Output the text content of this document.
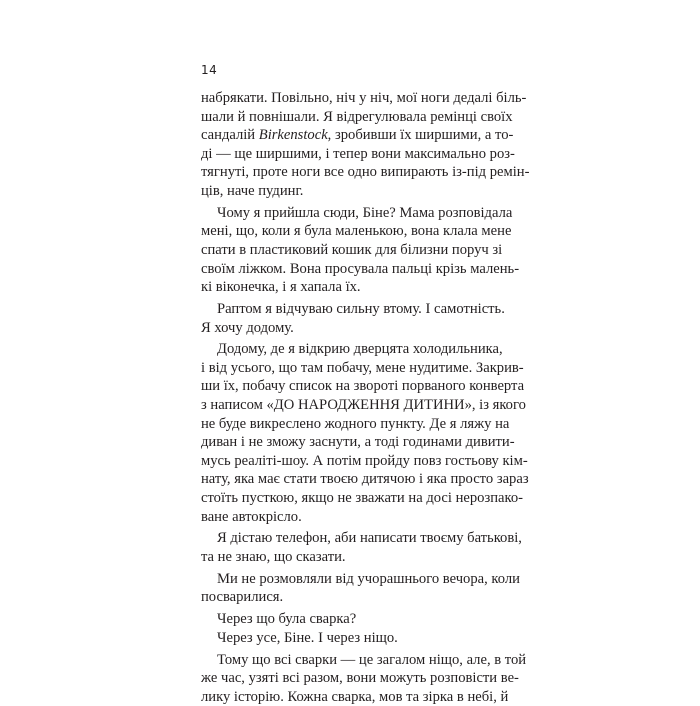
14
набрякати. Повільно, ніч у ніч, мої ноги дедалі біль-
шали й повнішали. Я відрегулювала ремінці своїх
сандалій Birkenstock, зробивши їх ширшими, а то-
ді — ще ширшими, і тепер вони максимально роз-
тягнуті, проте ноги все одно випирають із-під ремін-
ців, наче пудинг.
Чому я прийшла сюди, Біне? Мама розповідала
мені, що, коли я була маленькою, вона клала мене
спати в пластиковий кошик для білизни поруч зі
своїм ліжком. Вона просувала пальці крізь малень-
кі віконечка, і я хапала їх.
Раптом я відчуваю сильну втому. І самотність.
Я хочу додому.
Додому, де я відкрию дверцята холодильника,
і від усього, що там побачу, мене нудитиме. Закрив-
ши їх, побачу список на звороті порваного конверта
з написом «ДО НАРОДЖЕННЯ ДИТИНИ», із якого
не буде викреслено жодного пункту. Де я ляжу на
диван і не зможу заснути, а тоді годинами дивити-
мусь реаліті-шоу. А потім пройду повз гостьову кім-
нату, яка має стати твоєю дитячою і яка просто зараз
стоїть пусткою, якщо не зважати на досі нерозпако-
ване автокрісло.
Я дістаю телефон, аби написати твоєму батькові,
та не знаю, що сказати.
Ми не розмовляли від учорашнього вечора, коли
посварилися.
Через що була сварка?
Через усе, Біне. І через ніщо.
Тому що всі сварки — це загалом ніщо, але, в той
же час, узяті всі разом, вони можуть розповісти ве-
лику історію. Кожна сварка, мов та зірка в небі, й
